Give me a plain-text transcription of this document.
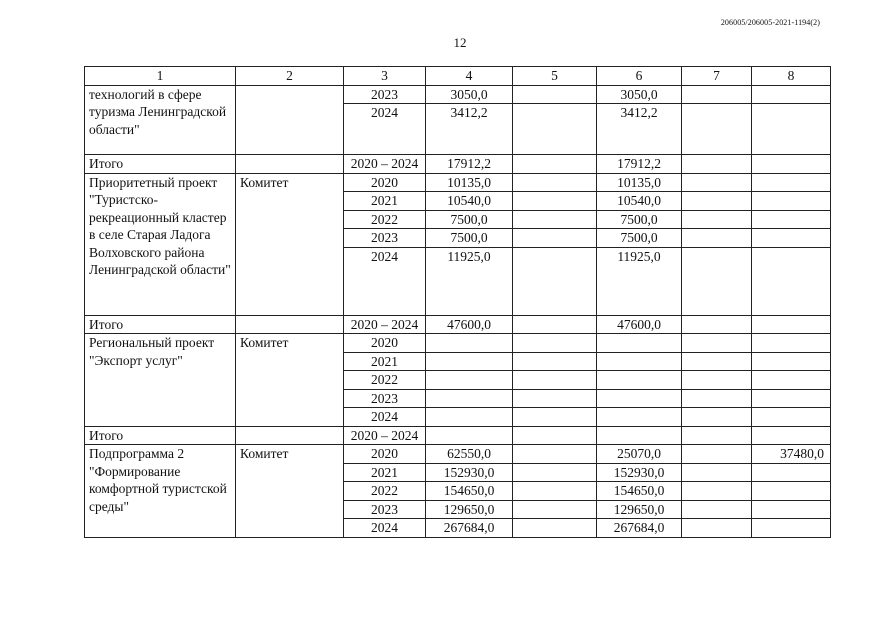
206005/206005-2021-1194(2)
12
1	2	3	4	5	6	7	8
технологий в сфере туризма Ленинградской области"		2023	3050,0		3050,0		
		2024	3412,2		3412,2		
Итого		2020 – 2024	17912,2		17912,2		
Приоритетный проект "Туристско-рекреационный кластер в селе Старая Ладога Волховского района Ленинградской области"	Комитет	2020	10135,0		10135,0		
		2021	10540,0		10540,0		
		2022	7500,0		7500,0		
		2023	7500,0		7500,0		
		2024	11925,0		11925,0		
Итого		2020 – 2024	47600,0		47600,0		
Региональный проект "Экспорт услуг"	Комитет	2020					
		2021					
		2022					
		2023					
		2024					
Итого		2020 – 2024					
Подпрограмма 2 "Формирование комфортной туристской среды"	Комитет	2020	62550,0		25070,0		37480,0
		2021	152930,0		152930,0		
		2022	154650,0		154650,0		
		2023	129650,0		129650,0		
		2024	267684,0		267684,0		
